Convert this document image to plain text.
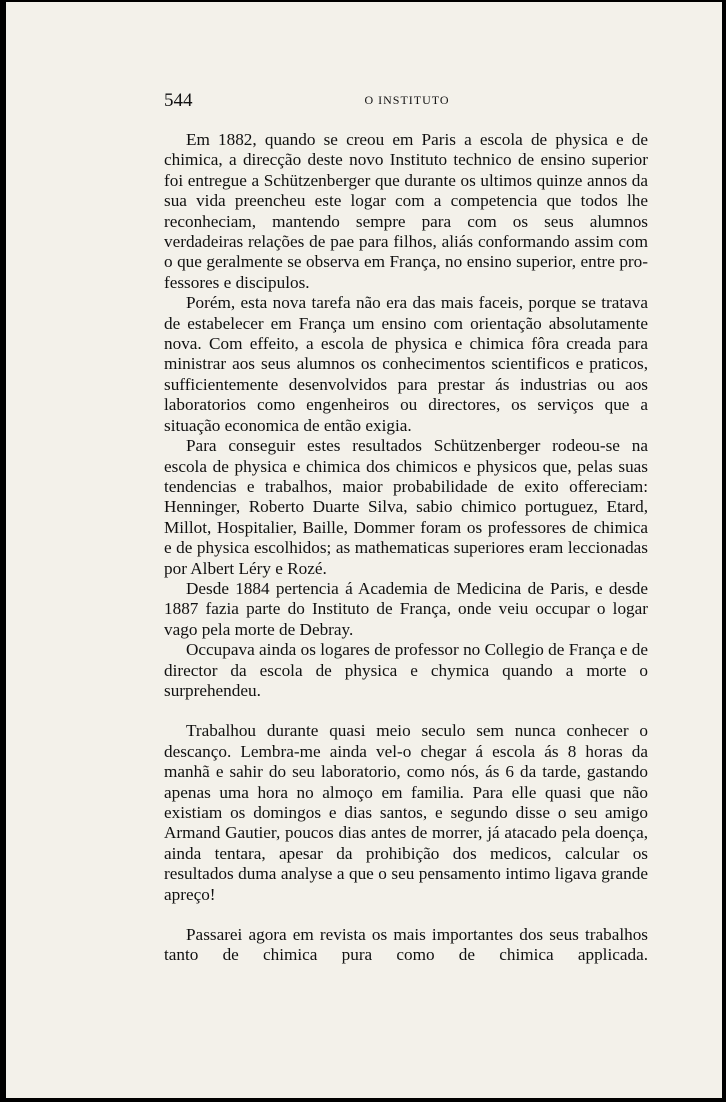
544	O INSTITUTO

Em 1882, quando se creou em Paris a escola de physica e de chimica, a direcção deste novo Instituto technico de ensino superior foi entregue a Schützenberger que durante os ultimos quinze annos da sua vida preencheu este logar com a competencia que todos lhe reconheciam, mantendo sempre para com os seus alumnos verdadeiras relações de pae para filhos, aliás conformando assim com o que geralmente se observa em França, no ensino superior, entre professores e discipulos.

Porém, esta nova tarefa não era das mais faceis, porque se tratava de estabelecer em França um ensino com orientação absolutamente nova. Com effeito, a escola de physica e chimica fôra creada para ministrar aos seus alumnos os conhecimentos scientificos e praticos, sufficientemente desenvolvidos para prestar ás industrias ou aos laboratorios como engenheiros ou directores, os serviços que a situação economica de então exigia.

Para conseguir estes resultados Schützenberger rodeou-se na escola de physica e chimica dos chimicos e physicos que, pelas suas tendencias e trabalhos, maior probabilidade de exito offereciam: Henninger, Roberto Duarte Silva, sabio chimico portuguez, Etard, Millot, Hospitalier, Baille, Dommer foram os professores de chimica e de physica escolhidos; as mathematicas superiores eram leccionadas por Albert Léry e Rozé.

Desde 1884 pertencia á Academia de Medicina de Paris, e desde 1887 fazia parte do Instituto de França, onde veiu occupar o logar vago pela morte de Debray.

Occupava ainda os logares de professor no Collegio de França e de director da escola de physica e chymica quando a morte o surprehendeu.

Trabalhou durante quasi meio seculo sem nunca conhecer o descanço. Lembra-me ainda vel-o chegar á escola ás 8 horas da manhã e sahir do seu laboratorio, como nós, ás 6 da tarde, gastando apenas uma hora no almoço em familia. Para elle quasi que não existiam os domingos e dias santos, e segundo disse o seu amigo Armand Gautier, poucos dias antes de morrer, já atacado pela doença, ainda tentara, apesar da prohibição dos medicos, calcular os resultados duma analyse a que o seu pensamento intimo ligava grande apreço!

Passarei agora em revista os mais importantes dos seus trabalhos tanto de chimica pura como de chimica applicada.
